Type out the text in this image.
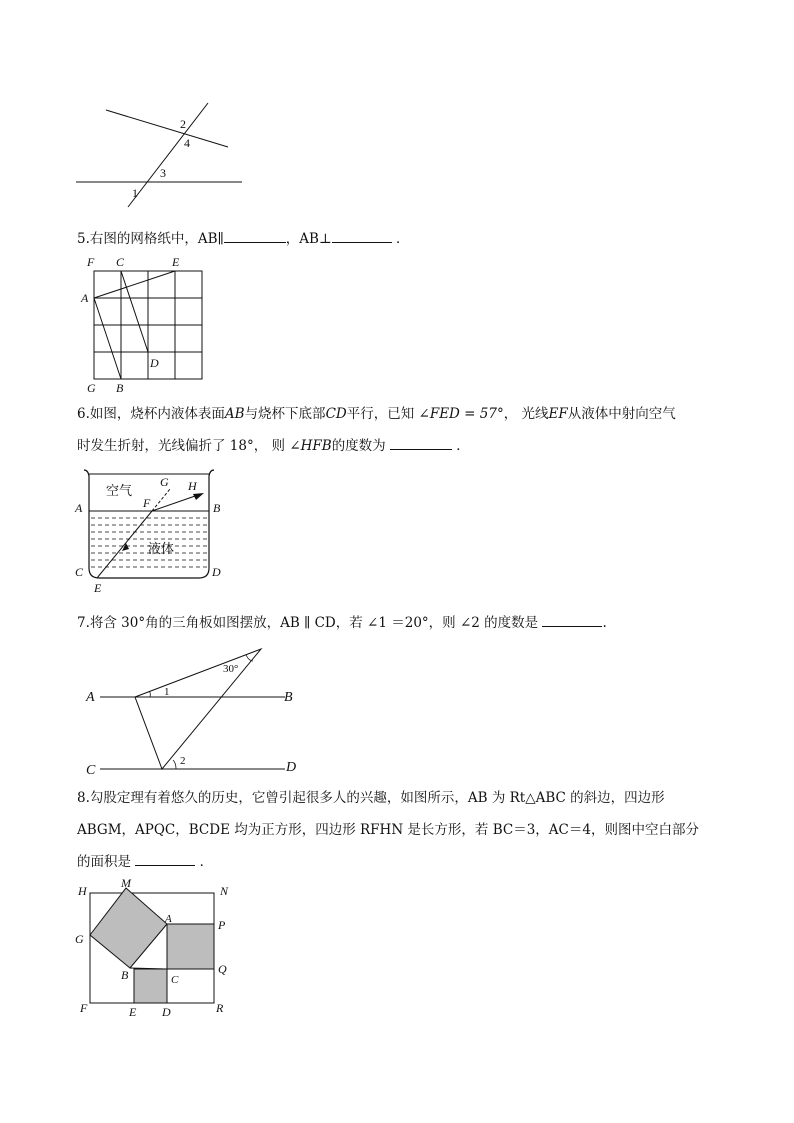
2
4
3
1
5.右图的网格纸中，AB∥	，AB⊥	．
F C	E
A
D
G B
6.如图，烧杯内液体表面AB与烧杯下底部CD平行，已知 ∠FED = 57°， 光线EF从液体中射向空气
时发生折射，光线偏折了 18°， 则 ∠HFB的度数为	．
空气
液体
A	B
C	D
E
F
G H
7.将含 30°角的三角板如图摆放，AB ∥ CD，若 ∠1 ＝20°，则 ∠2 的度数是	.
A	B
C	D
1
2
30°
8.勾股定理有着悠久的历史，它曾引起很多人的兴趣，如图所示，AB 为 Rt△ABC 的斜边，四边形
ABGM，APQC，BCDE 均为正方形，四边形 RFHN 是长方形，若 BC＝3，AC＝4，则图中空白部分
的面积是	．
H
M
N
A	P
G
B	C
Q
F	E D	R
